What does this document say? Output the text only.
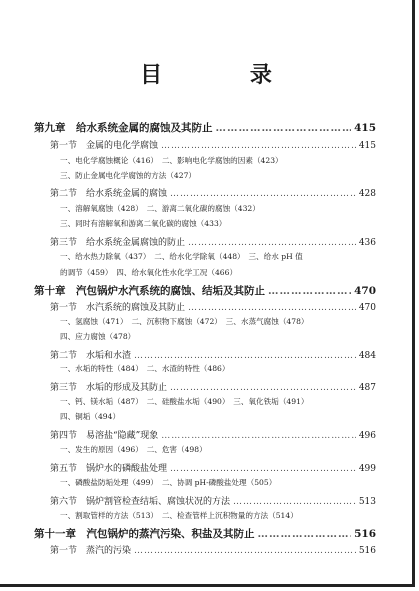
目 录
第九章　给水系统金属的腐蚀及其防止 …………………………………………………………………………………………………………………………………………………………………………	415
第一节　金属的电化学腐蚀 …………………………………………………………………………………………………………………………………………………………………………	415
一、电化学腐蚀概论（416）　二、影响电化学腐蚀的因素（423）
三、防止金属电化学腐蚀的方法（427）
第二节　给水系统金属的腐蚀 …………………………………………………………………………………………………………………………………………………………………………	428
一、溶解氧腐蚀（428）　二、游离二氧化碳的腐蚀（432）
三、同时有溶解氧和游离二氧化碳的腐蚀（433）
第三节　给水系统金属腐蚀的防止 …………………………………………………………………………………………………………………………………………………………………………	436
一、给水热力除氧（437）　二、给水化学除氧（448）　三、给水 pH 值
的调节（459）　四、给水氧化性水化学工况（466）
第十章　汽包锅炉水汽系统的腐蚀、结垢及其防止 …………………………………………………………………………………………………………………………………………………………………………	470
第一节　水汽系统的腐蚀及其防止 …………………………………………………………………………………………………………………………………………………………………………	470
一、氢腐蚀（471）　二、沉积物下腐蚀（472）　三、水蒸气腐蚀（478）
四、应力腐蚀（478）
第二节　水垢和水渣 …………………………………………………………………………………………………………………………………………………………………………	484
一、水垢的特性（484）　二、水渣的特性（486）
第三节　水垢的形成及其防止 …………………………………………………………………………………………………………………………………………………………………………	487
一、钙、镁水垢（487）　二、硅酸盐水垢（490）　三、氧化铁垢（491）
四、铜垢（494）
第四节　易溶盐“隐藏”现象 …………………………………………………………………………………………………………………………………………………………………………	496
一、发生的原因（496）　二、危害（498）
第五节　锅炉水的磷酸盐处理 …………………………………………………………………………………………………………………………………………………………………………	499
一、磷酸盐防垢处理（499）　二、协调 pH-磷酸盐处理（505）
第六节　锅炉割管检查结垢、腐蚀状况的方法 …………………………………………………………………………………………………………………………………………………………………………	513
一、割取管样的方法（513）　二、检查管样上沉积物量的方法（514）
第十一章　汽包锅炉的蒸汽污染、积盐及其防止 …………………………………………………………………………………………………………………………………………………………………………	516
第一节　蒸汽的污染 …………………………………………………………………………………………………………………………………………………………………………	516
